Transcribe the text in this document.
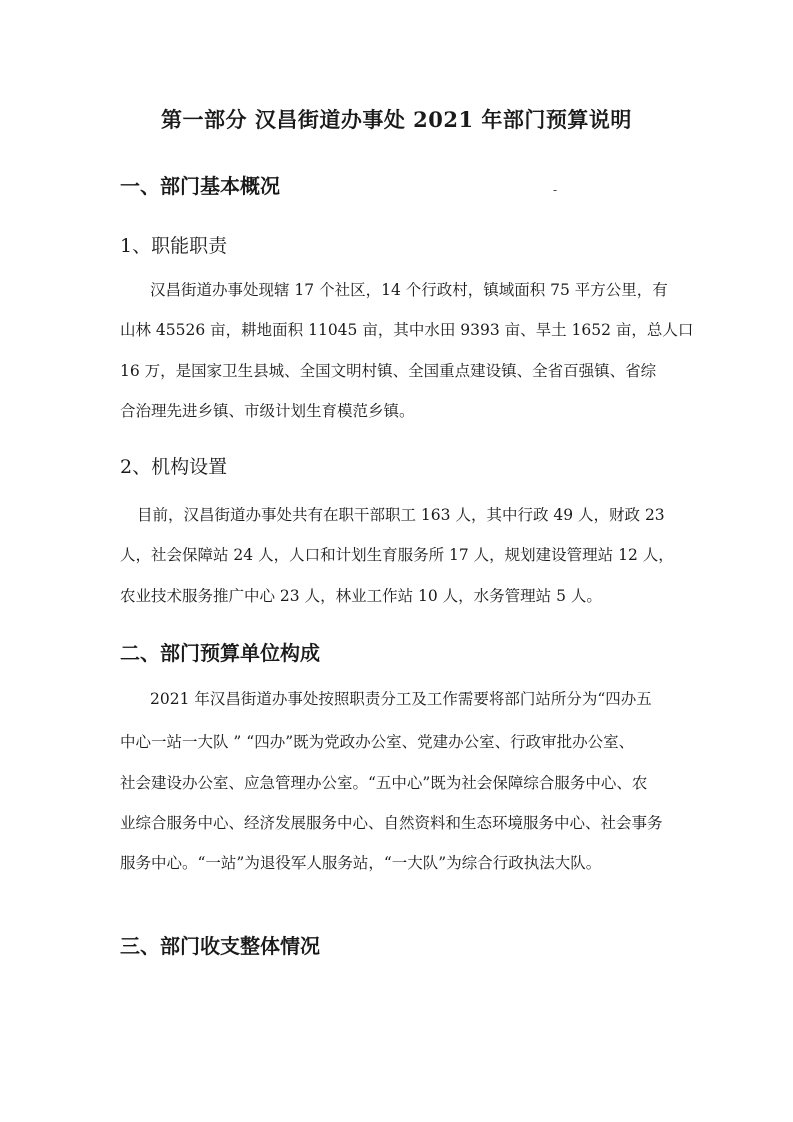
第一部分 汉昌街道办事处 2021 年部门预算说明
一、部门基本概况	-
1、职能职责
汉昌街道办事处现辖 17 个社区，14 个行政村，镇域面积 75 平方公里，有
山林 45526 亩，耕地面积 11045 亩，其中水田 9393 亩、旱土 1652 亩，总人口
16 万，是国家卫生县城、全国文明村镇、全国重点建设镇、全省百强镇、省综
合治理先进乡镇、市级计划生育模范乡镇。
2、机构设置
目前，汉昌街道办事处共有在职干部职工 163 人，其中行政 49 人，财政 23
人，社会保障站 24 人，人口和计划生育服务所 17 人，规划建设管理站 12 人，
农业技术服务推广中心 23 人，林业工作站 10 人，水务管理站 5 人。
二、部门预算单位构成
2021 年汉昌街道办事处按照职责分工及工作需要将部门站所分为“四办五
中心一站一大队 ” “四办”既为党政办公室、党建办公室、行政审批办公室、
社会建设办公室、应急管理办公室。“五中心”既为社会保障综合服务中心、农
业综合服务中心、经济发展服务中心、自然资料和生态环境服务中心、社会事务
服务中心。“一站”为退役军人服务站，“一大队”为综合行政执法大队。
三、部门收支整体情况
